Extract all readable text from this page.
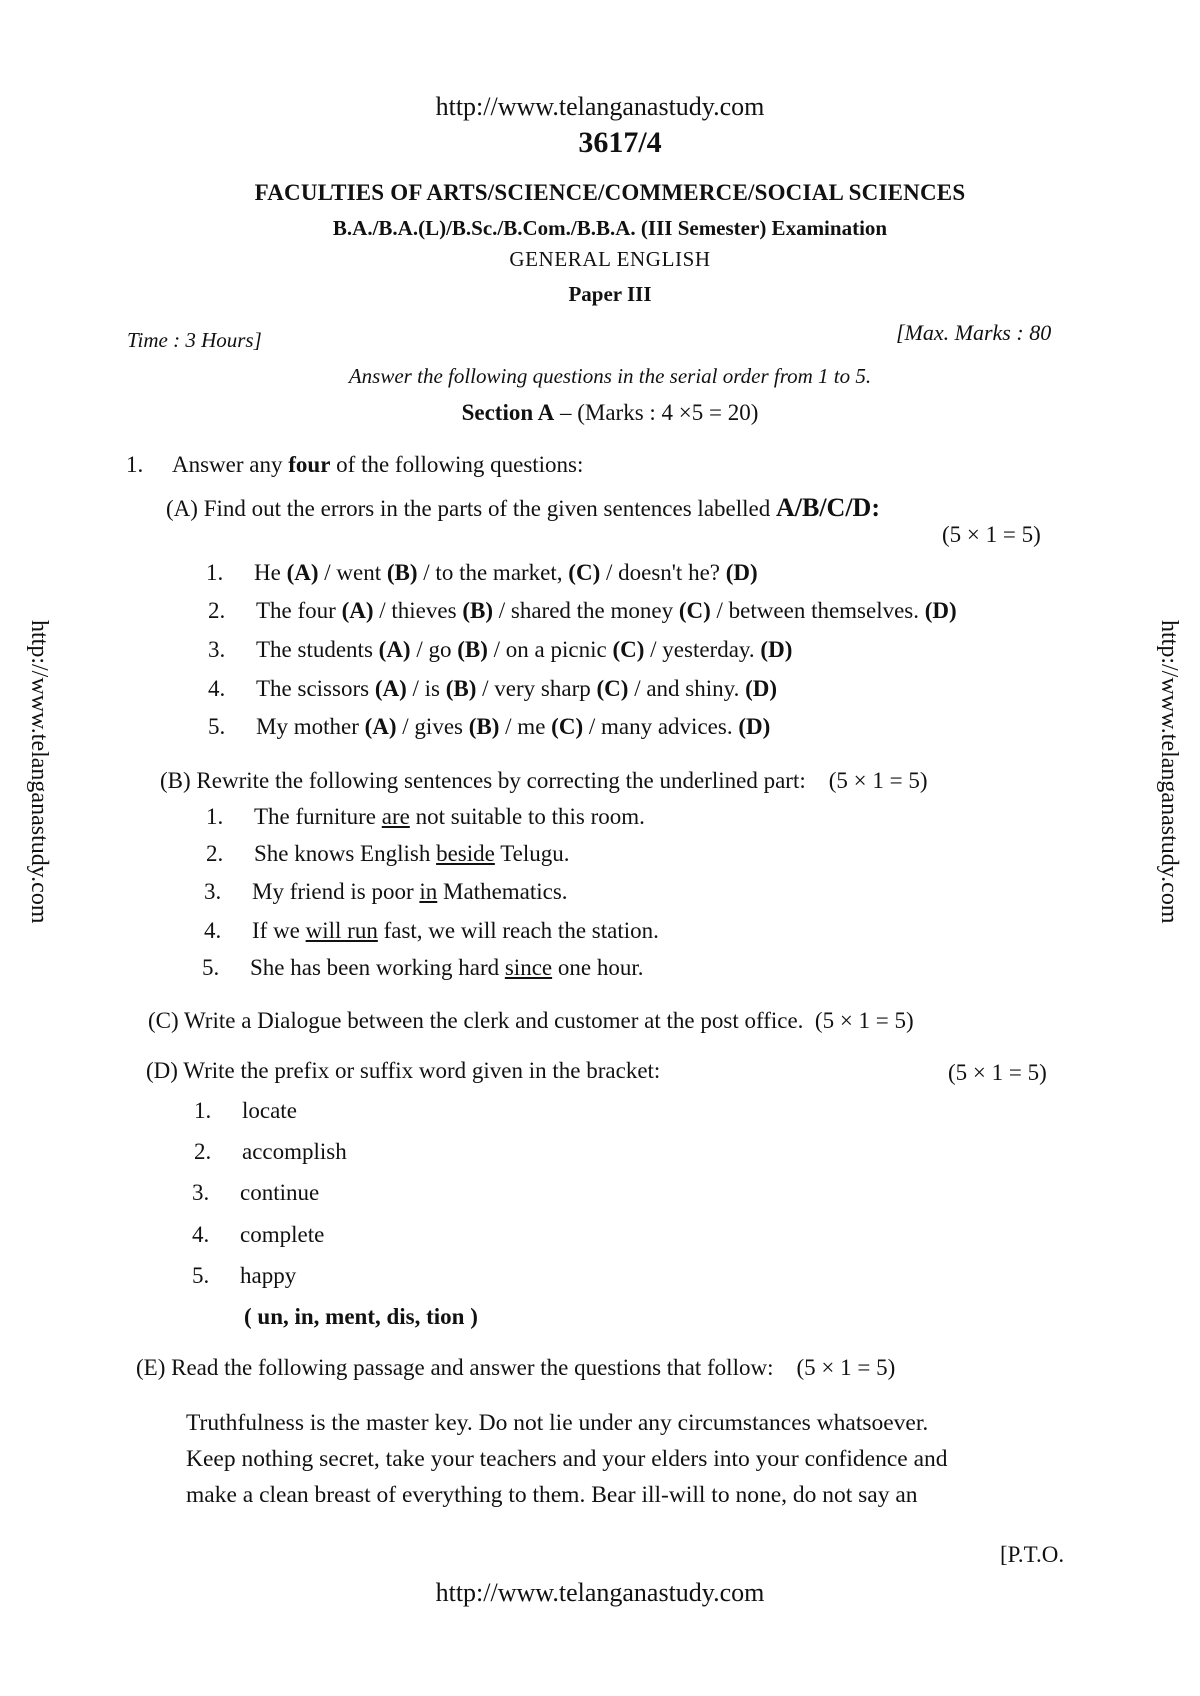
http://www.telanganastudy.com
3617/4
FACULTIES OF ARTS/SCIENCE/COMMERCE/SOCIAL SCIENCES
B.A./B.A.(L)/B.Sc./B.Com./B.B.A. (III Semester) Examination
GENERAL ENGLISH
Paper III
Time : 3 Hours]	[Max. Marks : 80
Answer the following questions in the serial order from 1 to 5.
Section A – (Marks : 4 ×5 = 20)
1. Answer any four of the following questions:
(A) Find out the errors in the parts of the given sentences labelled A/B/C/D:
(5 × 1 = 5)
1. He (A) / went (B) / to the market, (C) / doesn't he? (D)
2. The four (A) / thieves (B) / shared the money (C) / between themselves. (D)
3. The students (A) / go (B) / on a picnic (C) / yesterday. (D)
4. The scissors (A) / is (B) / very sharp (C) / and shiny. (D)
5. My mother (A) / gives (B) / me (C) / many advices. (D)
(B) Rewrite the following sentences by correcting the underlined part: (5 × 1 = 5)
1. The furniture are not suitable to this room.
2. She knows English beside Telugu.
3. My friend is poor in Mathematics.
4. If we will run fast, we will reach the station.
5. She has been working hard since one hour.
(C) Write a Dialogue between the clerk and customer at the post office. (5 × 1 = 5)
(D) Write the prefix or suffix word given in the bracket:	(5 × 1 = 5)
1. locate
2. accomplish
3. continue
4. complete
5. happy
( un, in, ment, dis, tion )
(E) Read the following passage and answer the questions that follow: (5 × 1 = 5)
Truthfulness is the master key. Do not lie under any circumstances whatsoever.
Keep nothing secret, take your teachers and your elders into your confidence and
make a clean breast of everything to them. Bear ill-will to none, do not say an
[P.T.O.
http://www.telanganastudy.com
http://www.telanganastudy.com	http://www.telanganastudy.com
